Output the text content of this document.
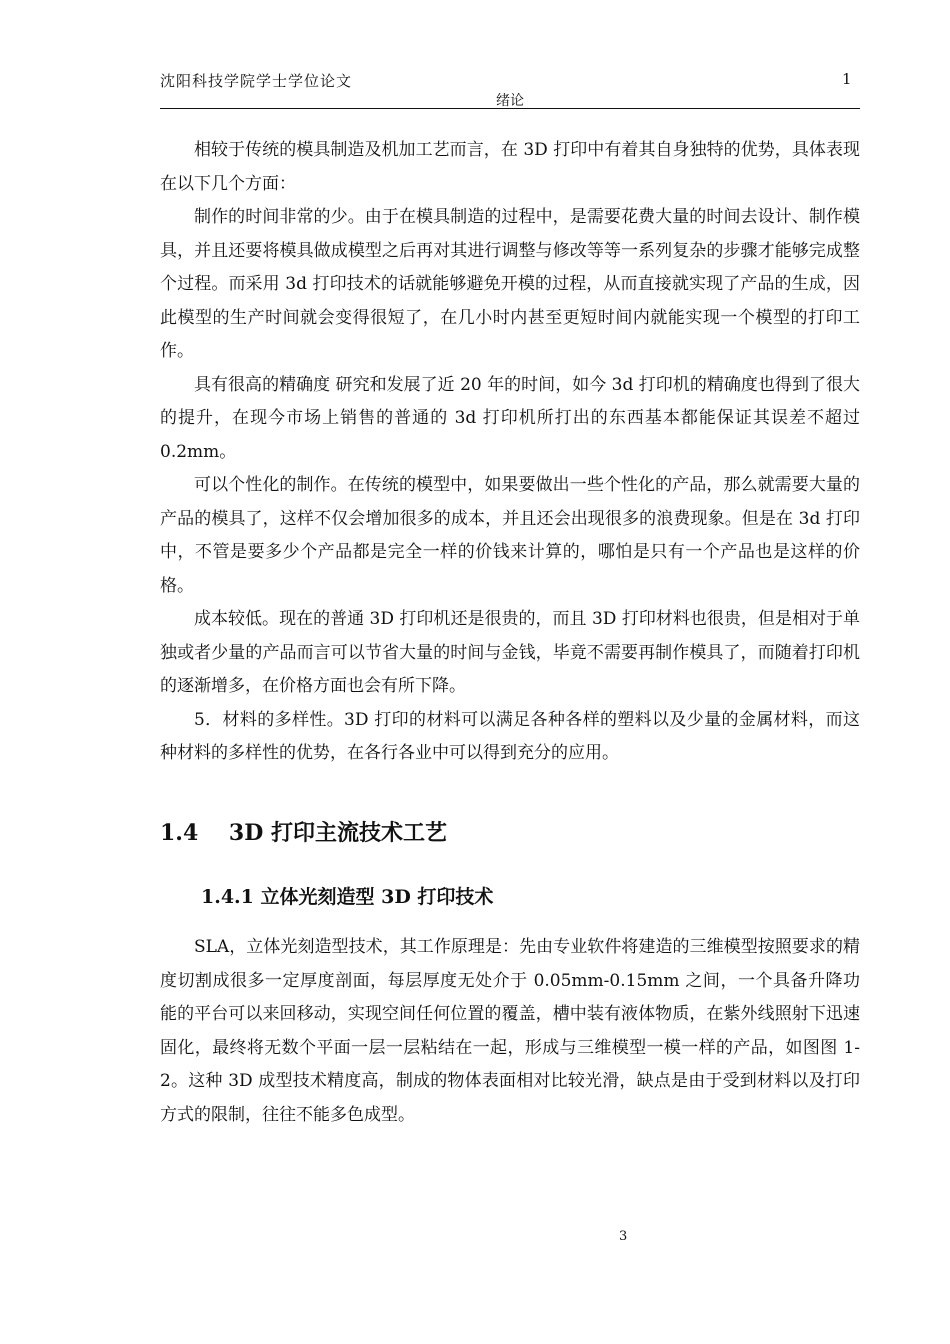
沈阳科技学院学士学位论文	1
绪论

相较于传统的模具制造及机加工艺而言，在 3D 打印中有着其自身独特的优势，具体表现在以下几个方面：

制作的时间非常的少。由于在模具制造的过程中，是需要花费大量的时间去设计、制作模具，并且还要将模具做成模型之后再对其进行调整与修改等等一系列复杂的步骤才能够完成整个过程。而采用 3d 打印技术的话就能够避免开模的过程，从而直接就实现了产品的生成，因此模型的生产时间就会变得很短了，在几小时内甚至更短时间内就能实现一个模型的打印工作。

具有很高的精确度 研究和发展了近 20 年的时间，如今 3d 打印机的精确度也得到了很大的提升，在现今市场上销售的普通的 3d 打印机所打出的东西基本都能保证其误差不超过 0.2mm。

可以个性化的制作。在传统的模型中，如果要做出一些个性化的产品，那么就需要大量的产品的模具了，这样不仅会增加很多的成本，并且还会出现很多的浪费现象。但是在 3d 打印中，不管是要多少个产品都是完全一样的价钱来计算的，哪怕是只有一个产品也是这样的价格。

成本较低。现在的普通 3D 打印机还是很贵的，而且 3D 打印材料也很贵，但是相对于单独或者少量的产品而言可以节省大量的时间与金钱，毕竟不需要再制作模具了，而随着打印机的逐渐增多，在价格方面也会有所下降。

5．材料的多样性。3D 打印的材料可以满足各种各样的塑料以及少量的金属材料，而这种材料的多样性的优势，在各行各业中可以得到充分的应用。

1.4    3D 打印主流技术工艺
1.4.1 立体光刻造型 3D 打印技术

SLA，立体光刻造型技术，其工作原理是：先由专业软件将建造的三维模型按照要求的精度切割成很多一定厚度剖面，每层厚度无处介于 0.05mm-0.15mm 之间，一个具备升降功能的平台可以来回移动，实现空间任何位置的覆盖，槽中装有液体物质，在紫外线照射下迅速固化，最终将无数个平面一层一层粘结在一起，形成与三维模型一模一样的产品，如图图 1-2。这种 3D 成型技术精度高，制成的物体表面相对比较光滑，缺点是由于受到材料以及打印方式的限制，往往不能多色成型。

3
